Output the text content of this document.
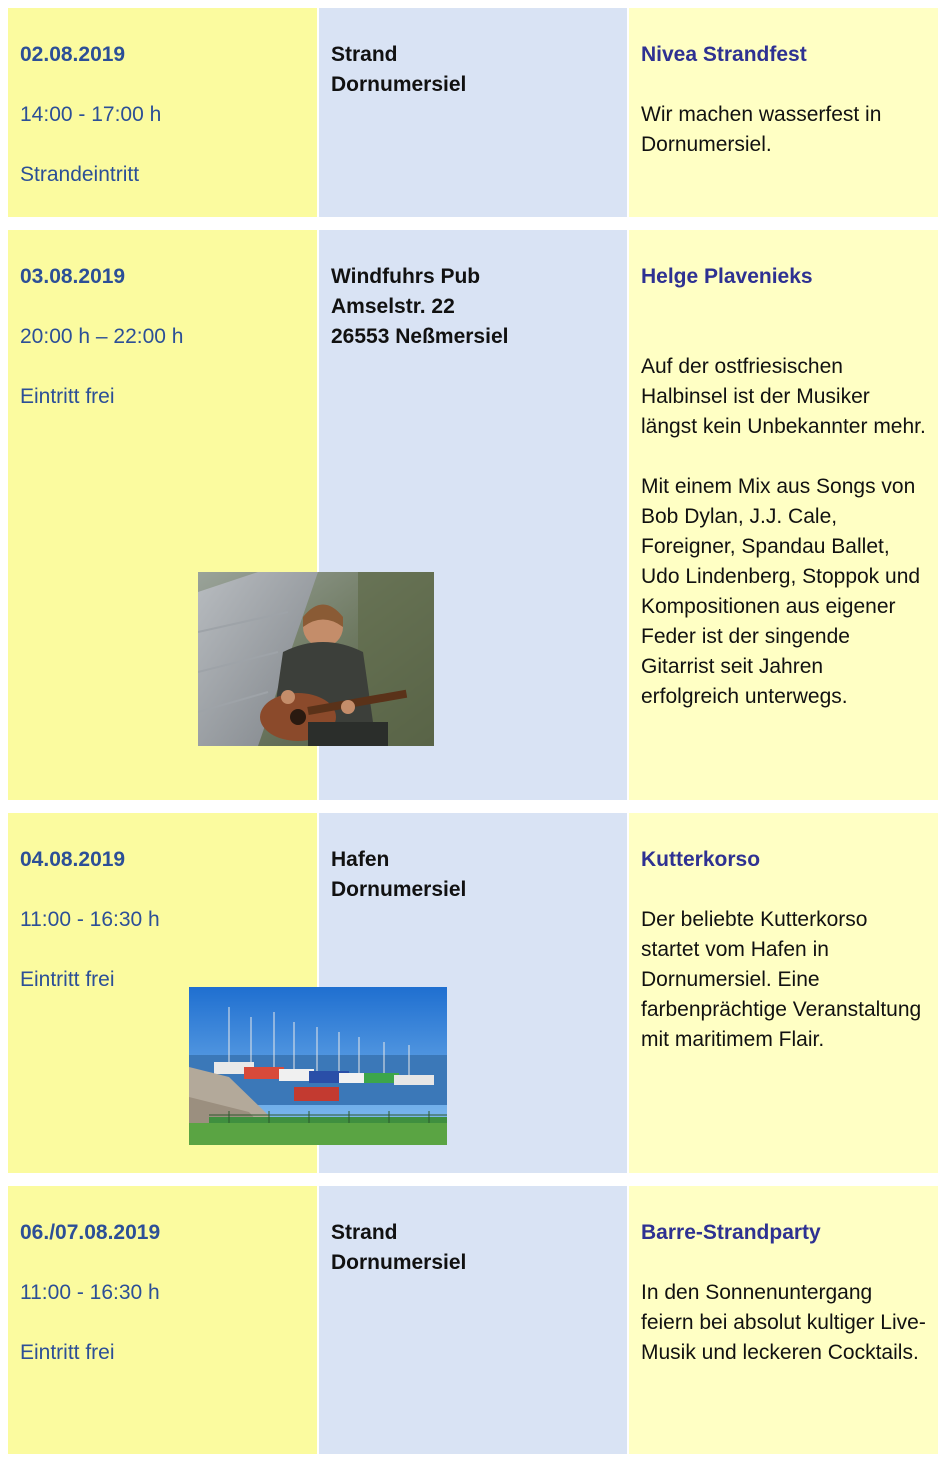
02.08.2019
14:00 - 17:00 h
Strandeintritt
Strand
Dornumersiel
Nivea Strandfest
Wir machen wasserfest in Dornumersiel.
03.08.2019
20:00 h – 22:00 h
Eintritt frei
Windfuhrs Pub
Amselstr. 22
26553 Neßmersiel
Helge Plavenieks
Auf der ostfriesischen Halbinsel ist der Musiker längst kein Unbekannter mehr.
Mit einem Mix aus Songs von Bob Dylan, J.J. Cale, Foreigner, Spandau Ballet, Udo Lindenberg, Stoppok und Kompositionen aus eigener Feder ist der singende Gitarrist seit Jahren erfolgreich unterwegs.
04.08.2019
11:00 - 16:30 h
Eintritt frei
Hafen
Dornumersiel
Kutterkorso
Der beliebte Kutterkorso startet vom Hafen in Dornumersiel. Eine farbenprächtige Veranstaltung mit maritimem Flair.
06./07.08.2019
11:00 - 16:30 h
Eintritt frei
Strand
Dornumersiel
Barre-Strandparty
In den Sonnenuntergang feiern bei absolut kultiger Live-Musik und leckeren Cocktails.
